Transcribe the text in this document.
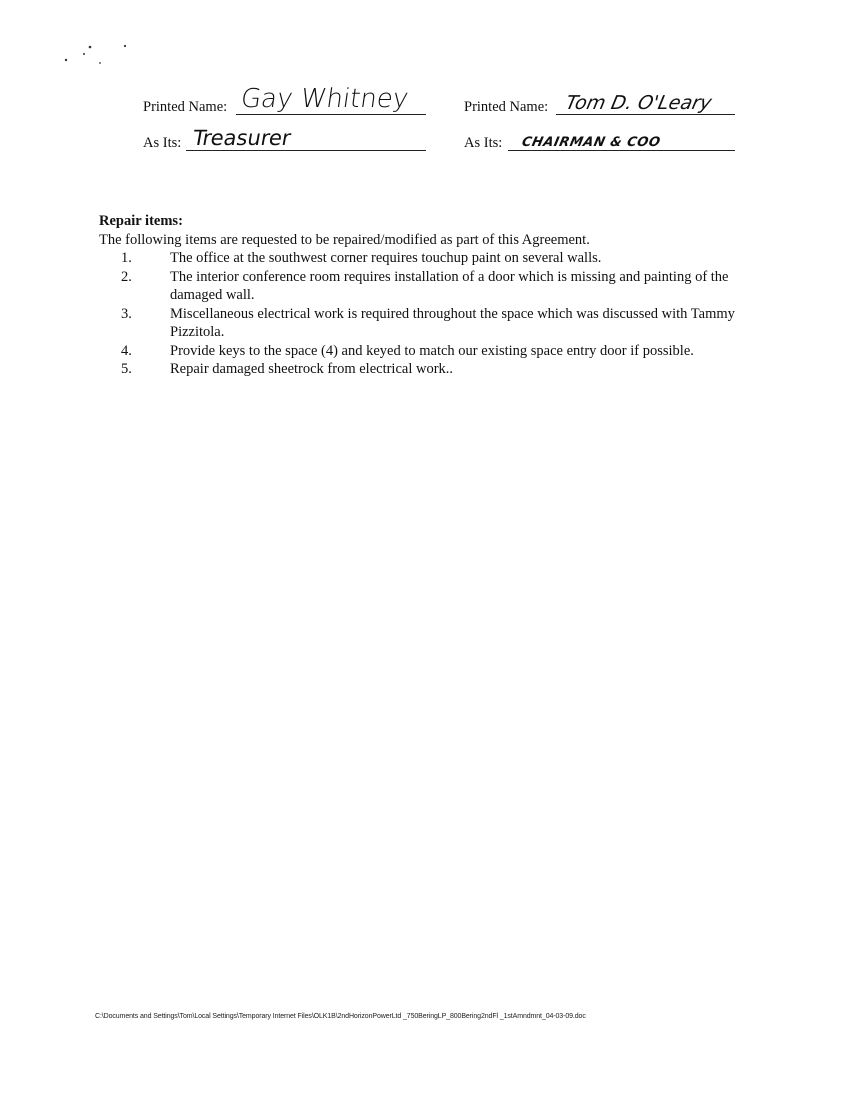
Printed Name: Gay Whitney
As Its: Treasurer
Printed Name: Tom D. O'Leary
As Its: CHAIRMAN & COO
Repair items:
The following items are requested to be repaired/modified as part of this Agreement.
1.	The office at the southwest corner requires touchup paint on several walls.
2.	The interior conference room requires installation of a door which is missing and painting of the damaged wall.
3.	Miscellaneous electrical work is required throughout the space which was discussed with Tammy Pizzitola.
4.	Provide keys to the space (4) and keyed to match our existing space entry door if possible.
5.	Repair damaged sheetrock from electrical work..
C:\Documents and Settings\Tom\Local Settings\Temporary Internet Files\OLK1B\2ndHorizonPowerLtd _750BeringLP_800Bering2ndFl _1stAmndmnt_04-03-09.doc
